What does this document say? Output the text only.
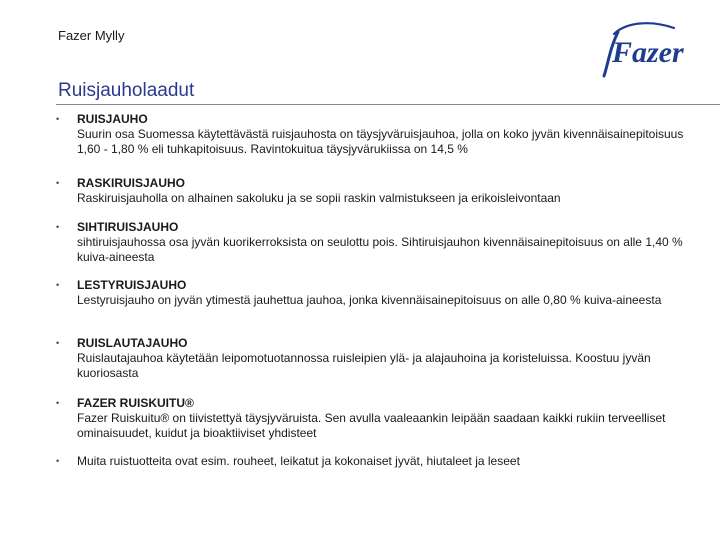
Fazer Mylly
Fazer
Ruisjauholaadut
• RUISJAUHO
Suurin osa Suomessa käytettävästä ruisjauhosta on täysjyväruisjauhoa, jolla on koko jyvän kivennäisainepitoisuus 1,60 - 1,80 % eli tuhkapitoisuus. Ravintokuitua täysjyvärukiissa on 14,5 %
• RASKIRUISJAUHO
Raskiruisjauholla on alhainen sakoluku ja se sopii raskin valmistukseen ja erikoisleivontaan
• SIHTIRUISJAUHO
sihtiruisjauhossa osa jyvän kuorikerroksista on seulottu pois. Sihtiruisjauhon kivennäisainepitoisuus on alle 1,40 % kuiva-aineesta
• LESTYRUISJAUHO
Lestyruisjauho on jyvän ytimestä jauhettua jauhoa, jonka kivennäisainepitoisuus on alle 0,80 % kuiva-aineesta
• RUISLAUTAJAUHO
Ruislautajauhoa käytetään leipomotuotannossa ruisleipien ylä- ja alajauhoina ja koristeluissa. Koostuu jyvän kuoriosasta
• FAZER RUISKUITU®
Fazer Ruiskuitu® on tiivistettyä täysjyväruista. Sen avulla vaaleaankin leipään saadaan kaikki rukiin terveelliset ominaisuudet, kuidut ja bioaktiiviset yhdisteet
• Muita ruistuotteita ovat esim. rouheet, leikatut ja kokonaiset jyvät, hiutaleet ja leseet
